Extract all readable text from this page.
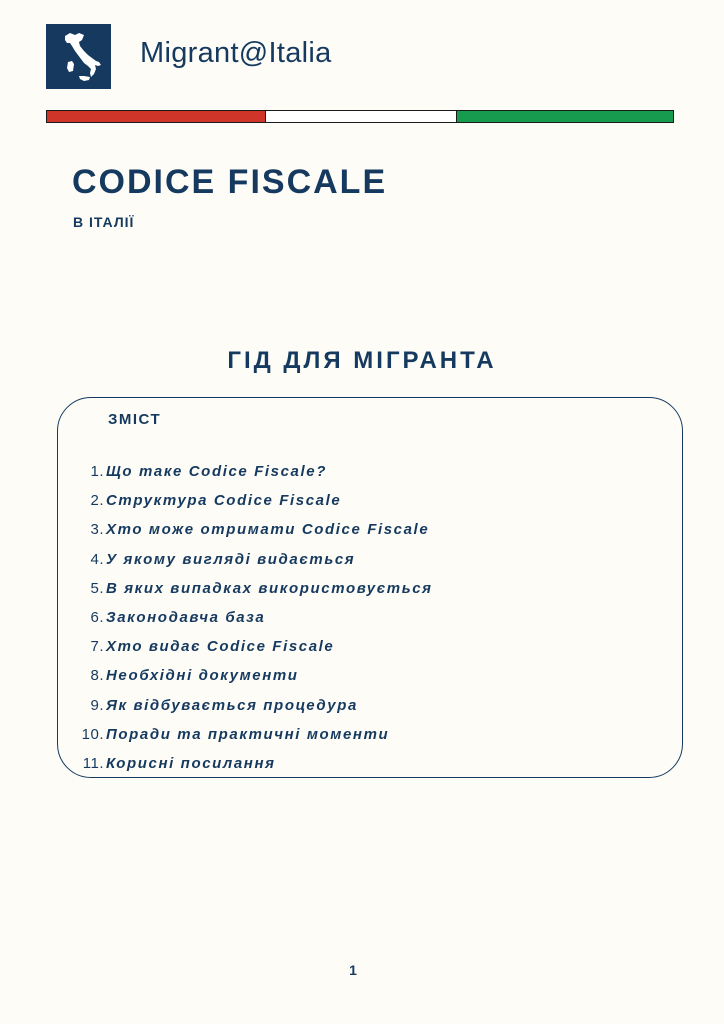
Migrant@Italia
CODICE FISCALE
В ІТАЛІЇ
ГІД ДЛЯ МІГРАНТА
ЗМІСТ
1. Що таке Codice Fiscale?
2. Структура Codice Fiscale
3. Хто може отримати Codice Fiscale
4. У якому вигляді видається
5. В яких випадках використовується
6. Законодавча база
7. Хто видає Codice Fiscale
8. Необхідні документи
9. Як відбувається процедура
10. Поради та практичні моменти
11. Корисні посилання
1
